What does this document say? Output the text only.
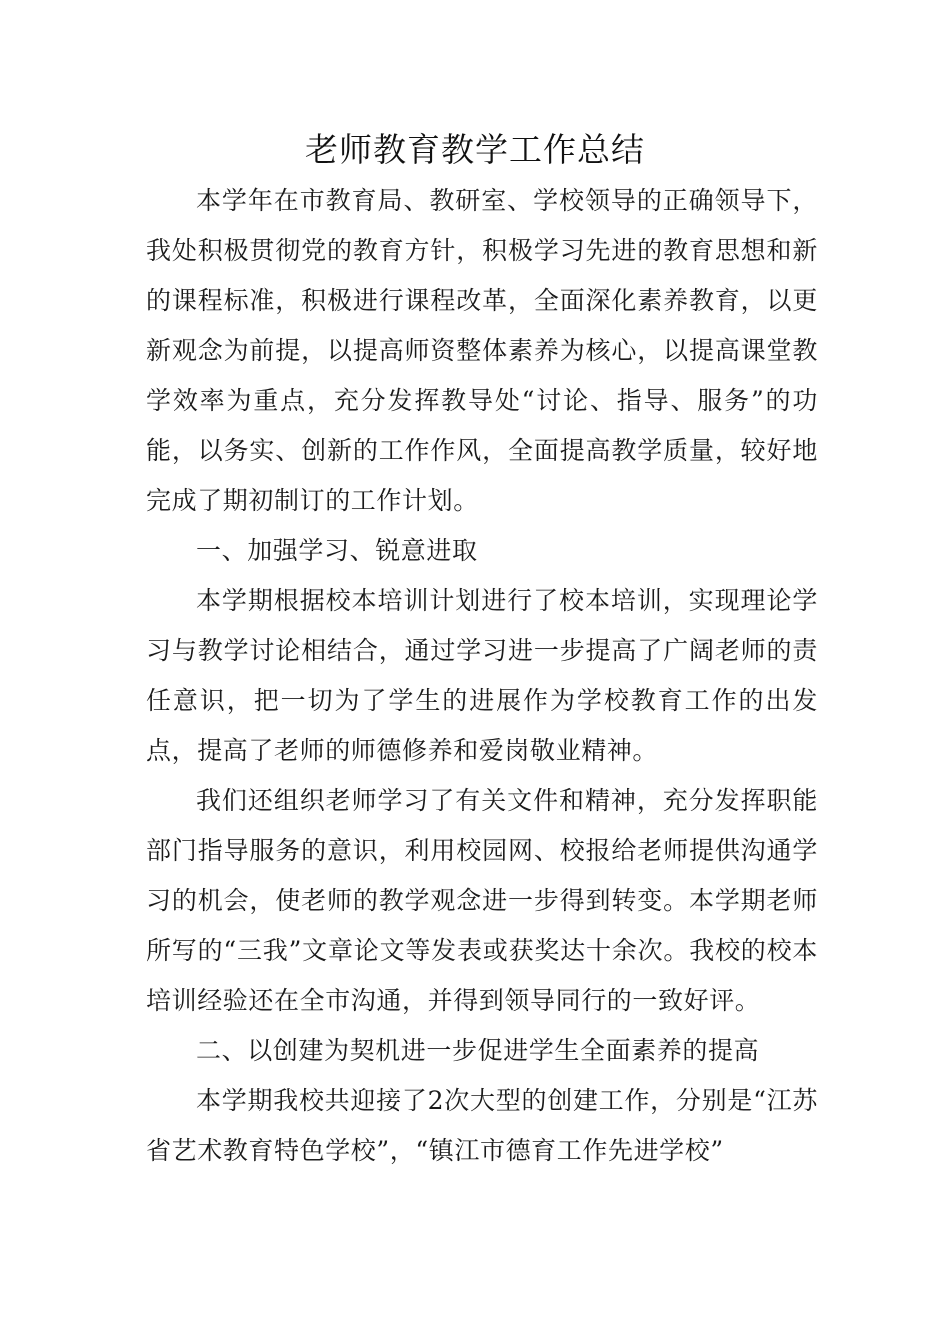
老师教育教学工作总结

本学年在市教育局、教研室、学校领导的正确领导下，我处积极贯彻党的教育方针，积极学习先进的教育思想和新的课程标准，积极进行课程改革，全面深化素养教育，以更新观念为前提，以提高师资整体素养为核心，以提高课堂教学效率为重点，充分发挥教导处“讨论、指导、服务”的功能，以务实、创新的工作作风，全面提高教学质量，较好地完成了期初制订的工作计划。

一、加强学习、锐意进取

本学期根据校本培训计划进行了校本培训，实现理论学习与教学讨论相结合，通过学习进一步提高了广阔老师的责任意识，把一切为了学生的进展作为学校教育工作的出发点，提高了老师的师德修养和爱岗敬业精神。

我们还组织老师学习了有关文件和精神，充分发挥职能部门指导服务的意识，利用校园网、校报给老师提供沟通学习的机会，使老师的教学观念进一步得到转变。本学期老师所写的“三我”文章论文等发表或获奖达十余次。我校的校本培训经验还在全市沟通，并得到领导同行的一致好评。

二、以创建为契机进一步促进学生全面素养的提高

本学期我校共迎接了2次大型的创建工作，分别是“江苏省艺术教育特色学校”，“镇江市德育工作先进学校”
